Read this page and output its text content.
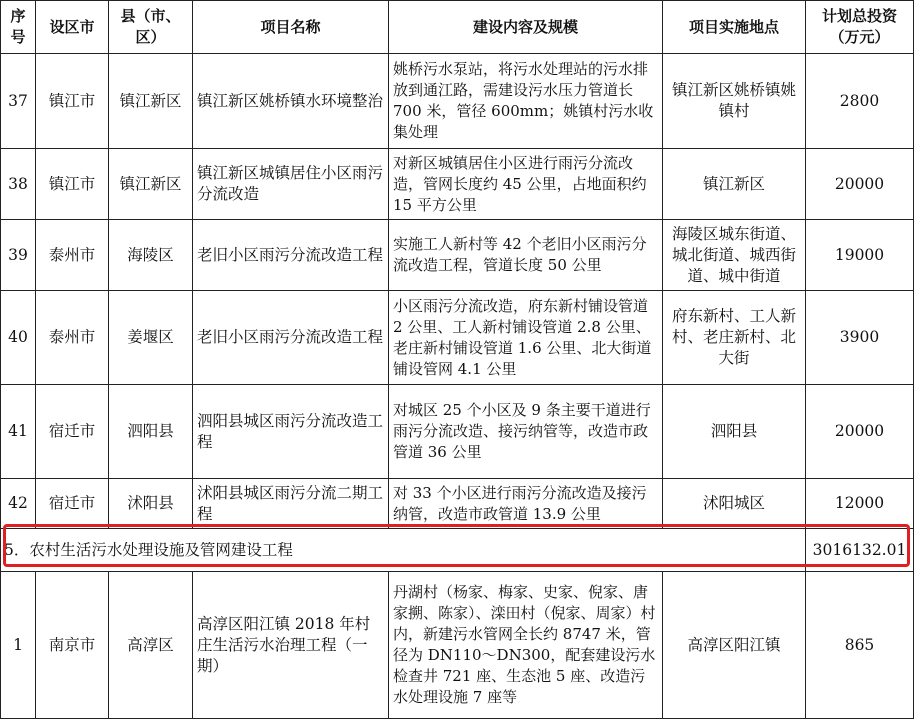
序号	设区市	县（市、区）	项目名称	建设内容及规模	项目实施地点	计划总投资（万元）
37	镇江市	镇江新区	镇江新区姚桥镇水环境整治	姚桥污水泵站，将污水处理站的污水排放到通江路，需建设污水压力管道长 700 米，管径 600mm；姚镇村污水收集处理	镇江新区姚桥镇姚镇村	2800
38	镇江市	镇江新区	镇江新区城镇居住小区雨污分流改造	对新区城镇居住小区进行雨污分流改造，管网长度约 45 公里，占地面积约 15 平方公里	镇江新区	20000
39	泰州市	海陵区	老旧小区雨污分流改造工程	实施工人新村等 42 个老旧小区雨污分流改造工程，管道长度 50 公里	海陵区城东街道、城北街道、城西街道、城中街道	19000
40	泰州市	姜堰区	老旧小区雨污分流改造工程	小区雨污分流改造，府东新村铺设管道 2 公里、工人新村铺设管道 2.8 公里、老庄新村铺设管道 1.6 公里、北大街道铺设管网 4.1 公里	府东新村、工人新村、老庄新村、北大街	3900
41	宿迁市	泗阳县	泗阳县城区雨污分流改造工程	对城区 25 个小区及 9 条主要干道进行雨污分流改造、接污纳管等，改造市政管道 36 公里	泗阳县	20000
42	宿迁市	沭阳县	沭阳县城区雨污分流二期工程	对 33 个小区进行雨污分流改造及接污纳管，改造市政管道 13.9 公里	沭阳城区	12000
5．农村生活污水处理设施及管网建设工程						3016132.01
1	南京市	高淳区	高淳区阳江镇 2018 年村庄生活污水治理工程（一期）	丹湖村（杨家、梅家、史家、倪家、唐家搠、陈家）、滦田村（倪家、周家）村内，新建污水管网全长约 8747 米，管径为 DN110～DN300，配套建设污水检查井 721 座、生态池 5 座、改造污水处理设施 7 座等	高淳区阳江镇	865
